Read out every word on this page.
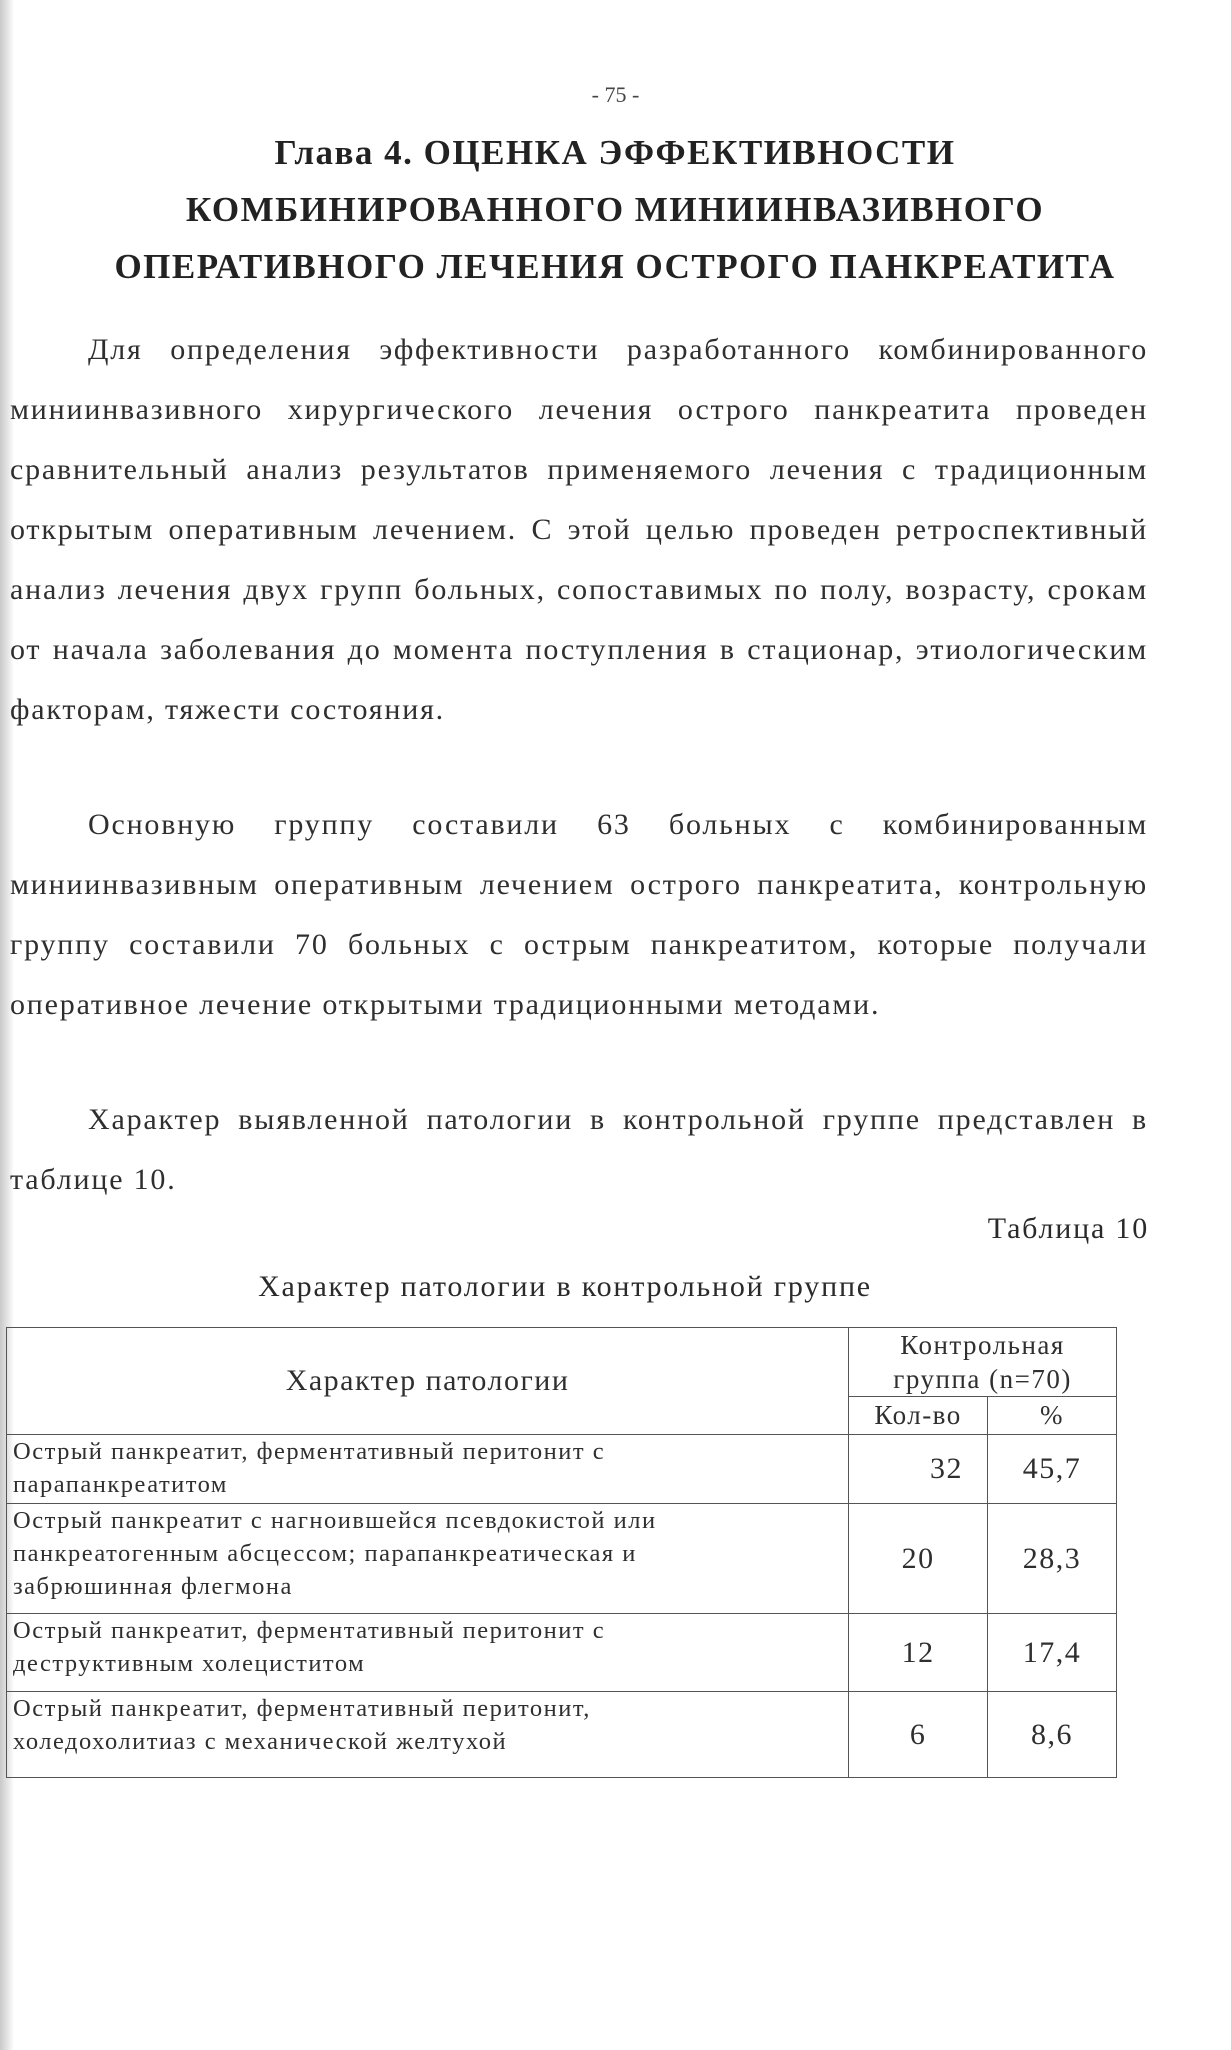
- 75 -
Глава 4. ОЦЕНКА ЭФФЕКТИВНОСТИ
КОМБИНИРОВАННОГО МИНИИНВАЗИВНОГО
ОПЕРАТИВНОГО ЛЕЧЕНИЯ ОСТРОГО ПАНКРЕАТИТА
Для определения эффективности разработанного комбинированного миниинвазивного хирургического лечения острого панкреатита проведен сравнительный анализ результатов применяемого лечения с традиционным открытым оперативным лечением. С этой целью проведен ретроспективный анализ лечения двух групп больных, сопоставимых по полу, возрасту, срокам от начала заболевания до момента поступления в стационар, этиологическим факторам, тяжести состояния.
Основную группу составили 63 больных с комбинированным миниинвазивным оперативным лечением острого панкреатита, контрольную группу составили 70 больных с острым панкреатитом, которые получали оперативное лечение открытыми традиционными методами.
Характер выявленной патологии в контрольной группе представлен в таблице 10.
Таблица 10
Характер патологии в контрольной группе
Характер патологии	Контрольная
группа (n=70)	

	Кол-во	%

Острый панкреатит, ферментативный перитонит с
парапанкреатитом	32	45,7

Острый панкреатит с нагноившейся псевдокистой или
панкреатогенным абсцессом; парапанкреатическая и
забрюшинная флегмона	20	28,3

Острый панкреатит, ферментативный перитонит с
деструктивным холециститом	12	17,4

Острый панкреатит, ферментативный перитонит,
холедохолитиаз с механической желтухой	6	8,6
